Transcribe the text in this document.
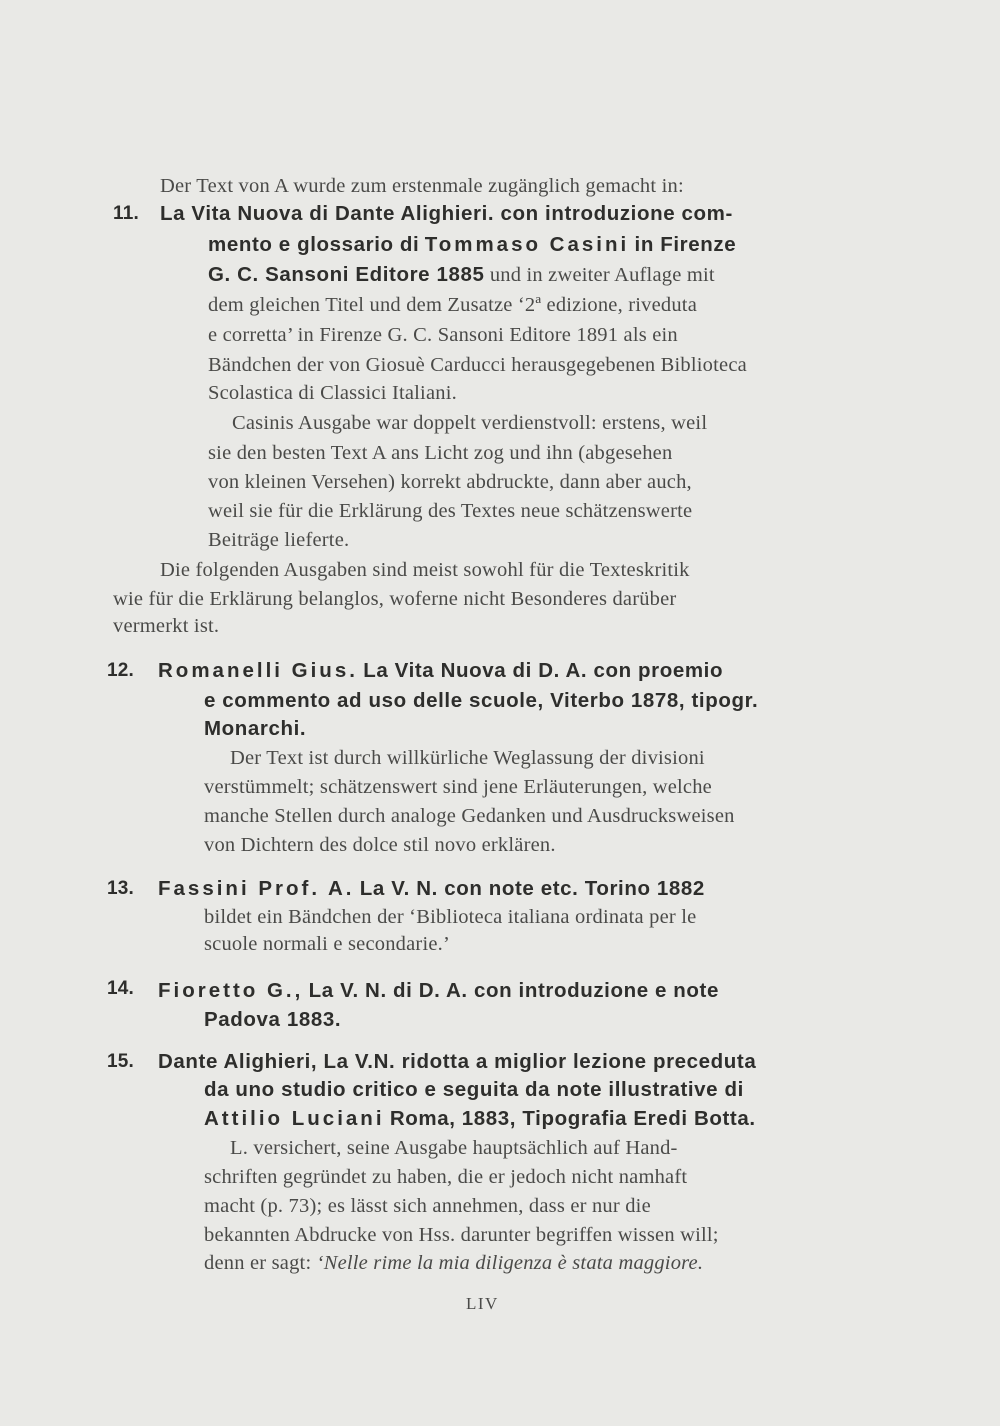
Der Text von A wurde zum erstenmale zugänglich gemacht in:
11. La Vita Nuova di Dante Alighieri. con introduzione com-
mento e glossario di Tommaso Casini in Firenze
G. C. Sansoni Editore 1885 und in zweiter Auflage mit
dem gleichen Titel und dem Zusatze ‘2ª edizione, riveduta
e corretta’ in Firenze G. C. Sansoni Editore 1891 als ein
Bändchen der von Giosuè Carducci herausgegebenen Biblioteca
Scolastica di Classici Italiani.
Casinis Ausgabe war doppelt verdienstvoll: erstens, weil
sie den besten Text A ans Licht zog und ihn (abgesehen
von kleinen Versehen) korrekt abdruckte, dann aber auch,
weil sie für die Erklärung des Textes neue schätzenswerte
Beiträge lieferte.
Die folgenden Ausgaben sind meist sowohl für die Texteskritik
wie für die Erklärung belanglos, woferne nicht Besonderes darüber
vermerkt ist.
12. Romanelli Gius. La Vita Nuova di D. A. con proemio
e commento ad uso delle scuole, Viterbo 1878, tipogr.
Monarchi.
Der Text ist durch willkürliche Weglassung der divisioni
verstümmelt; schätzenswert sind jene Erläuterungen, welche
manche Stellen durch analoge Gedanken und Ausdrucksweisen
von Dichtern des dolce stil novo erklären.
13. Fassini Prof. A. La V. N. con note etc. Torino 1882
bildet ein Bändchen der ‘Biblioteca italiana ordinata per le
scuole normali e secondarie.’
14. Fioretto G., La V. N. di D. A. con introduzione e note
Padova 1883.
15. Dante Alighieri, La V.N. ridotta a miglior lezione preceduta
da uno studio critico e seguita da note illustrative di
Attilio Luciani Roma, 1883, Tipografia Eredi Botta.
L. versichert, seine Ausgabe hauptsächlich auf Hand-
schriften gegründet zu haben, die er jedoch nicht namhaft
macht (p. 73); es lässt sich annehmen, dass er nur die
bekannten Abdrucke von Hss. darunter begriffen wissen will;
denn er sagt: ‘Nelle rime la mia diligenza è stata maggiore.
LIV
